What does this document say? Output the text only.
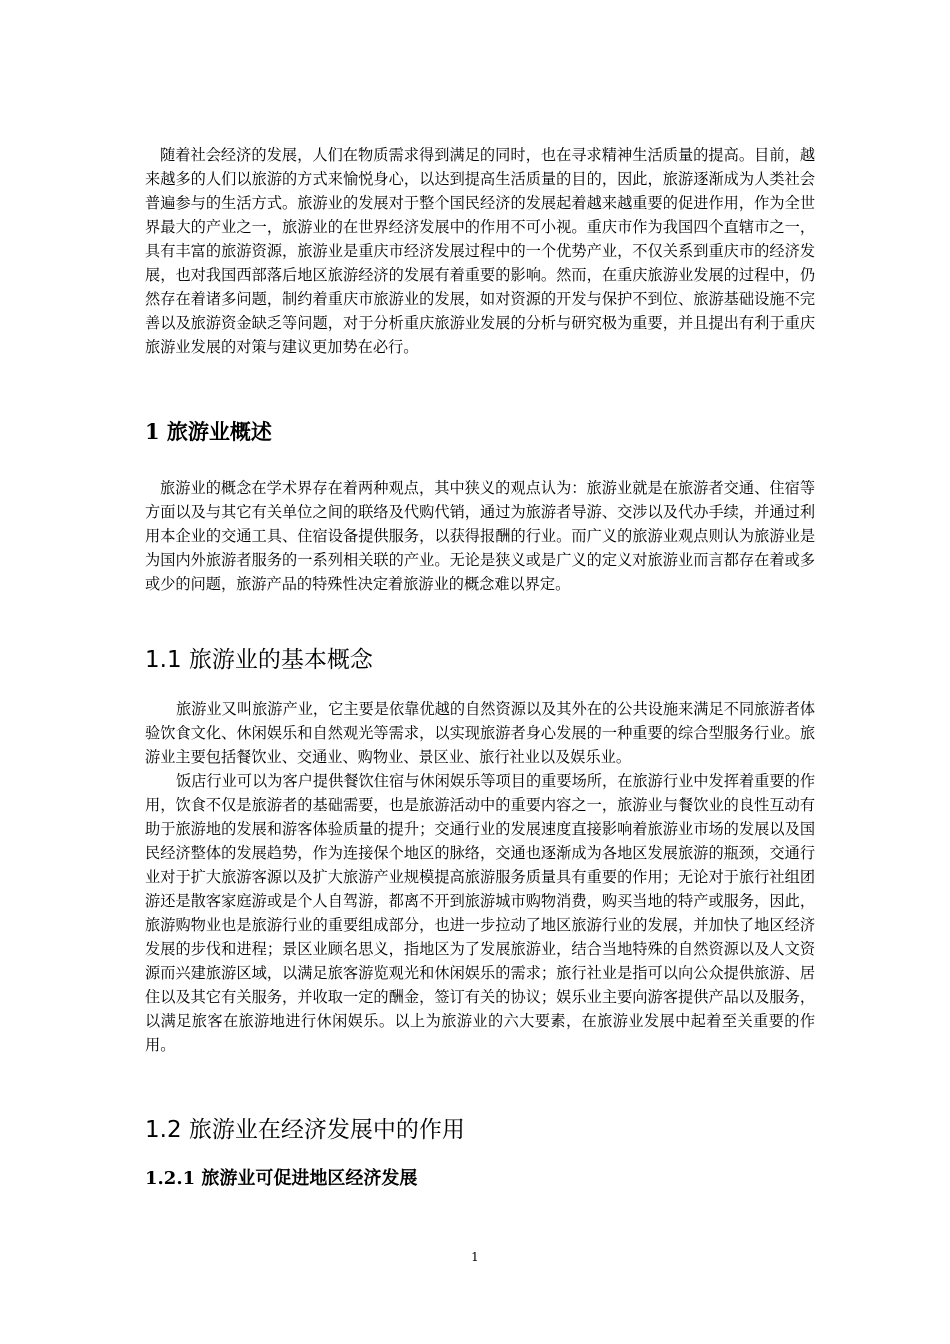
随着社会经济的发展，人们在物质需求得到满足的同时，也在寻求精神生活质量的提高。目前，越来越多的人们以旅游的方式来愉悦身心，以达到提高生活质量的目的，因此，旅游逐渐成为人类社会普遍参与的生活方式。旅游业的发展对于整个国民经济的发展起着越来越重要的促进作用，作为全世界最大的产业之一，旅游业的在世界经济发展中的作用不可小视。重庆市作为我国四个直辖市之一，具有丰富的旅游资源，旅游业是重庆市经济发展过程中的一个优势产业，不仅关系到重庆市的经济发展，也对我国西部落后地区旅游经济的发展有着重要的影响。然而，在重庆旅游业发展的过程中，仍然存在着诸多问题，制约着重庆市旅游业的发展，如对资源的开发与保护不到位、旅游基础设施不完善以及旅游资金缺乏等问题，对于分析重庆旅游业发展的分析与研究极为重要，并且提出有利于重庆旅游业发展的对策与建议更加势在必行。

1 旅游业概述

旅游业的概念在学术界存在着两种观点，其中狭义的观点认为：旅游业就是在旅游者交通、住宿等方面以及与其它有关单位之间的联络及代购代销，通过为旅游者导游、交涉以及代办手续，并通过利用本企业的交通工具、住宿设备提供服务，以获得报酬的行业。而广义的旅游业观点则认为旅游业是为国内外旅游者服务的一系列相关联的产业。无论是狭义或是广义的定义对旅游业而言都存在着或多或少的问题，旅游产品的特殊性决定着旅游业的概念难以界定。

1.1 旅游业的基本概念

旅游业又叫旅游产业，它主要是依靠优越的自然资源以及其外在的公共设施来满足不同旅游者体验饮食文化、休闲娱乐和自然观光等需求，以实现旅游者身心发展的一种重要的综合型服务行业。旅游业主要包括餐饮业、交通业、购物业、景区业、旅行社业以及娱乐业。

饭店行业可以为客户提供餐饮住宿与休闲娱乐等项目的重要场所，在旅游行业中发挥着重要的作用，饮食不仅是旅游者的基础需要，也是旅游活动中的重要内容之一，旅游业与餐饮业的良性互动有助于旅游地的发展和游客体验质量的提升；交通行业的发展速度直接影响着旅游业市场的发展以及国民经济整体的发展趋势，作为连接保个地区的脉络，交通也逐渐成为各地区发展旅游的瓶颈，交通行业对于扩大旅游客源以及扩大旅游产业规模提高旅游服务质量具有重要的作用；无论对于旅行社组团游还是散客家庭游或是个人自驾游，都离不开到旅游城市购物消费，购买当地的特产或服务，因此，旅游购物业也是旅游行业的重要组成部分，也进一步拉动了地区旅游行业的发展，并加快了地区经济发展的步伐和进程；景区业顾名思义，指地区为了发展旅游业，结合当地特殊的自然资源以及人文资源而兴建旅游区域，以满足旅客游览观光和休闲娱乐的需求；旅行社业是指可以向公众提供旅游、居住以及其它有关服务，并收取一定的酬金，签订有关的协议；娱乐业主要向游客提供产品以及服务，以满足旅客在旅游地进行休闲娱乐。以上为旅游业的六大要素，在旅游业发展中起着至关重要的作用。

1.2 旅游业在经济发展中的作用
1.2.1 旅游业可促进地区经济发展
1
